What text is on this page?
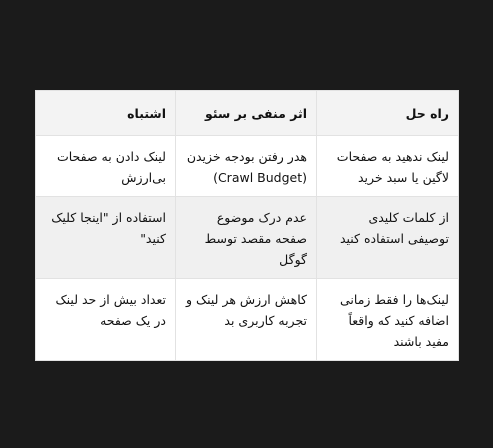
راه حل	اثر منفی بر سئو	اشتباه
لینک ندهید به صفحات لاگین یا سبد خرید	هدر رفتن بودجه خزیدن (Crawl Budget)	لینک دادن به صفحات بی‌ارزش
از کلمات کلیدی توصیفی استفاده کنید	عدم درک موضوع صفحه مقصد توسط گوگل	استفاده از "اینجا کلیک کنید"
لینک‌ها را فقط زمانی اضافه کنید که واقعاً مفید باشند	کاهش ارزش هر لینک و تجربه کاربری بد	تعداد بیش از حد لینک در یک صفحه
